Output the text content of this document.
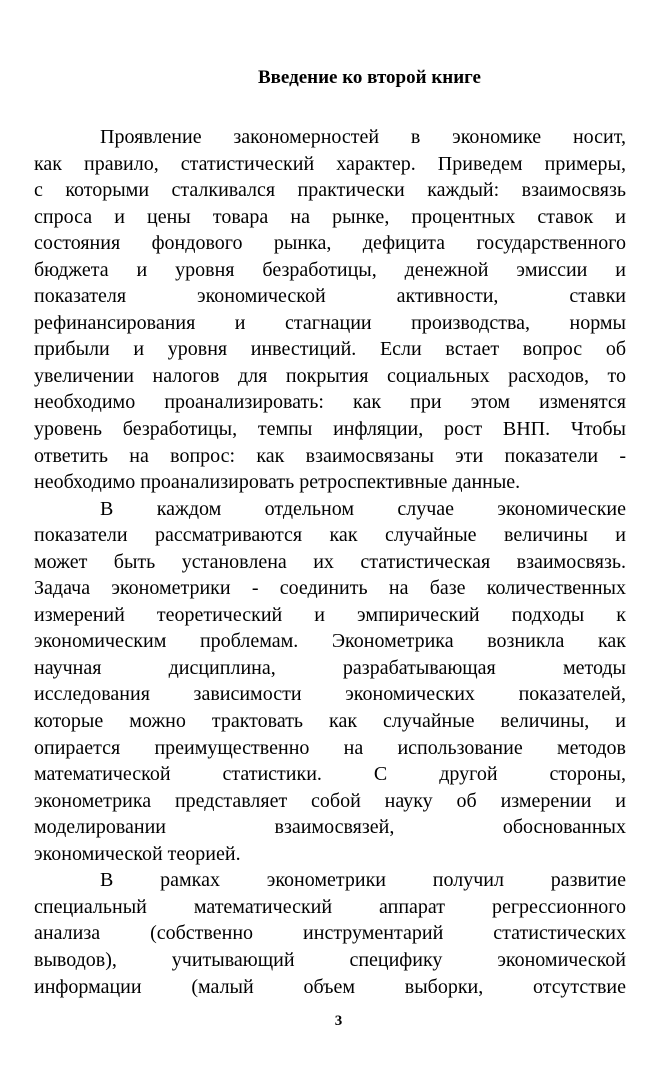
Введение ко второй книге
Проявление закономерностей в экономике носит,
как правило, статистический характер. Приведем примеры,
с которыми сталкивался практически каждый: взаимосвязь
спроса и цены товара на рынке, процентных ставок и
состояния фондового рынка, дефицита государственного
бюджета и уровня безработицы, денежной эмиссии и
показателя экономической активности, ставки
рефинансирования и стагнации производства, нормы
прибыли и уровня инвестиций. Если встает вопрос об
увеличении налогов для покрытия социальных расходов, то
необходимо проанализировать: как при этом изменятся
уровень безработицы, темпы инфляции, рост ВНП. Чтобы
ответить на вопрос: как взаимосвязаны эти показатели -
необходимо проанализировать ретроспективные данные.
В каждом отдельном случае экономические
показатели рассматриваются как случайные величины и
может быть установлена их статистическая взаимосвязь.
Задача эконометрики - соединить на базе количественных
измерений теоретический и эмпирический подходы к
экономическим проблемам. Эконометрика возникла как
научная дисциплина, разрабатывающая методы
исследования зависимости экономических показателей,
которые можно трактовать как случайные величины, и
опирается преимущественно на использование методов
математической статистики. С другой стороны,
эконометрика представляет собой науку об измерении и
моделировании взаимосвязей, обоснованных
экономической теорией.
В рамках эконометрики получил развитие
специальный математический аппарат регрессионного
анализа (собственно инструментарий статистических
выводов), учитывающий специфику экономической
информации (малый объем выборки, отсутствие
3
